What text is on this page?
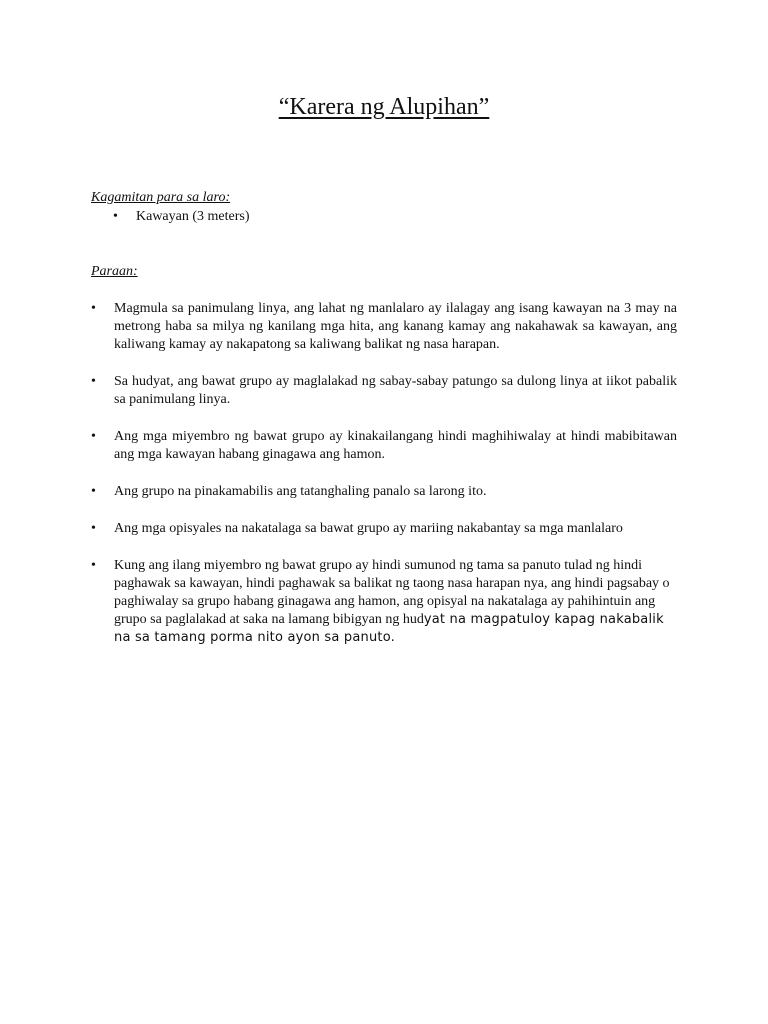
“Karera ng Alupihan”
Kagamitan para sa laro:
• Kawayan (3 meters)
Paraan:
• Magmula sa panimulang linya, ang lahat ng manlalaro ay ilalagay ang isang kawayan na 3 may na metrong haba sa milya ng kanilang mga hita, ang kanang kamay ang nakahawak sa kawayan, ang kaliwang kamay ay nakapatong sa kaliwang balikat ng nasa harapan.
• Sa hudyat, ang bawat grupo ay maglalakad ng sabay-sabay patungo sa dulong linya at iikot pabalik sa panimulang linya.
• Ang mga miyembro ng bawat grupo ay kinakailangang hindi maghihiwalay at hindi mabibitawan ang mga kawayan habang ginagawa ang hamon.
• Ang grupo na pinakamabilis ang tatanghaling panalo sa larong ito.
• Ang mga opisyales na nakatalaga sa bawat grupo ay mariing nakabantay sa mga manlalaro
• Kung ang ilang miyembro ng bawat grupo ay hindi sumunod ng tama sa panuto tulad ng hindi paghawak sa kawayan, hindi paghawak sa balikat ng taong nasa harapan nya, ang hindi pagsabay o paghiwalay sa grupo habang ginagawa ang hamon, ang opisyal na nakatalaga ay pahihintuin ang grupo sa paglalakad at saka na lamang bibigyan ng hudyat na magpatuloy kapag nakabalik na sa tamang porma nito ayon sa panuto.
